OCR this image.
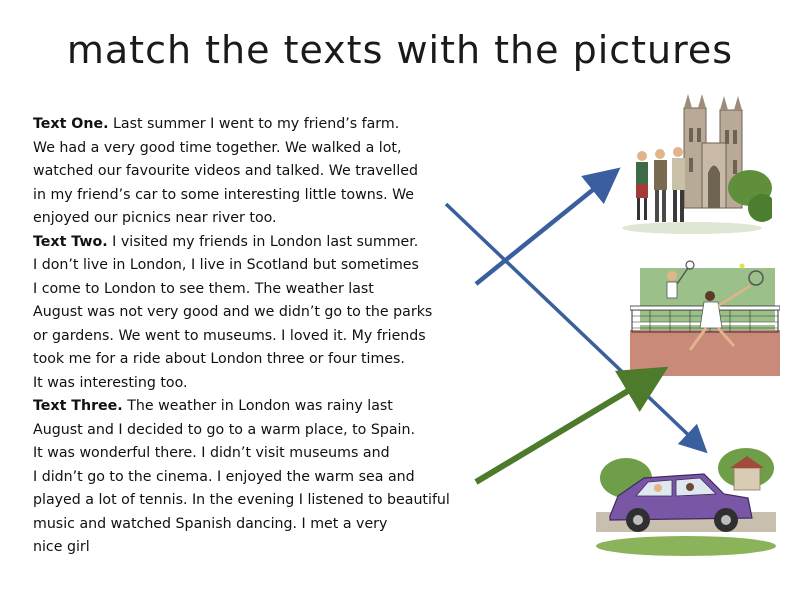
match the texts with the pictures
Text One. Last summer I went to my friend’s farm.
We had a very good time together. We walked a lot,
watched our favourite videos and talked. We travelled
in my friend’s car to some interesting little towns. We
enjoyed our picnics near river too.
Text Two. I visited my friends in London last summer.
I don’t live in London, I live in Scotland but sometimes
I come to London to see them. The weather last
August was not very good and we didn’t go to the parks
or gardens. We went to museums. I loved it. My friends
took me for a ride about London three or four times.
It was interesting too.
Text Three. The weather in London was rainy last
August and I decided to go to a warm place, to Spain.
It was wonderful there. I didn’t visit museums and
I didn’t go to the cinema. I enjoyed the warm sea and
played a lot of tennis. In the evening I listened to beautiful
music and watched Spanish dancing. I met a very
nice girl
